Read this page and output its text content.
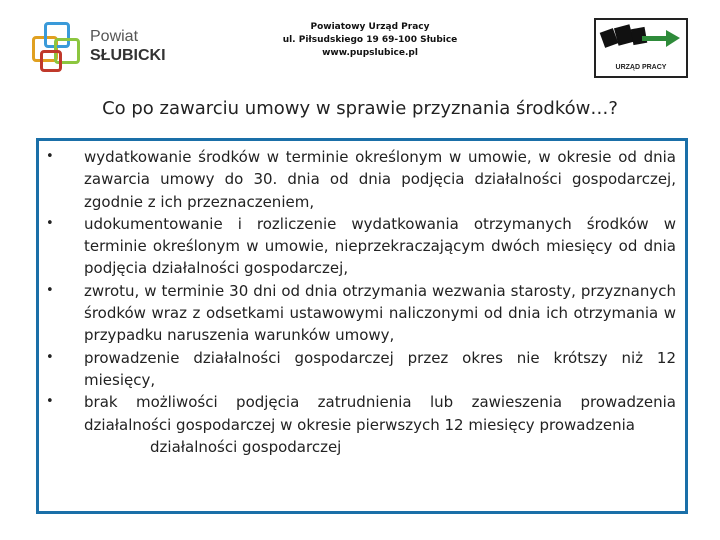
Powiat
SŁUBICKI
Powiatowy Urząd Pracy
ul. Piłsudskiego 19 69-100 Słubice
www.pupslubice.pl
URZĄD PRACY
Co po zawarciu umowy w sprawie przyznania środków…?
•	wydatkowanie środków w terminie określonym w umowie, w okresie od dnia zawarcia umowy do 30. dnia od dnia podjęcia działalności gospodarczej, zgodnie z ich przeznaczeniem,
•	udokumentowanie i rozliczenie wydatkowania otrzymanych środków w terminie określonym w umowie, nieprzekraczającym dwóch miesięcy od dnia podjęcia działalności gospodarczej,
•	zwrotu, w terminie 30 dni od dnia otrzymania wezwania starosty, przyznanych środków wraz z odsetkami ustawowymi naliczonymi od dnia ich otrzymania w przypadku naruszenia warunków umowy,
•	prowadzenie działalności gospodarczej przez okres nie krótszy niż 12 miesięcy,
•	brak możliwości podjęcia zatrudnienia lub zawieszenia prowadzenia działalności gospodarczej w okresie pierwszych 12 miesięcy prowadzenia
działalności gospodarczej
